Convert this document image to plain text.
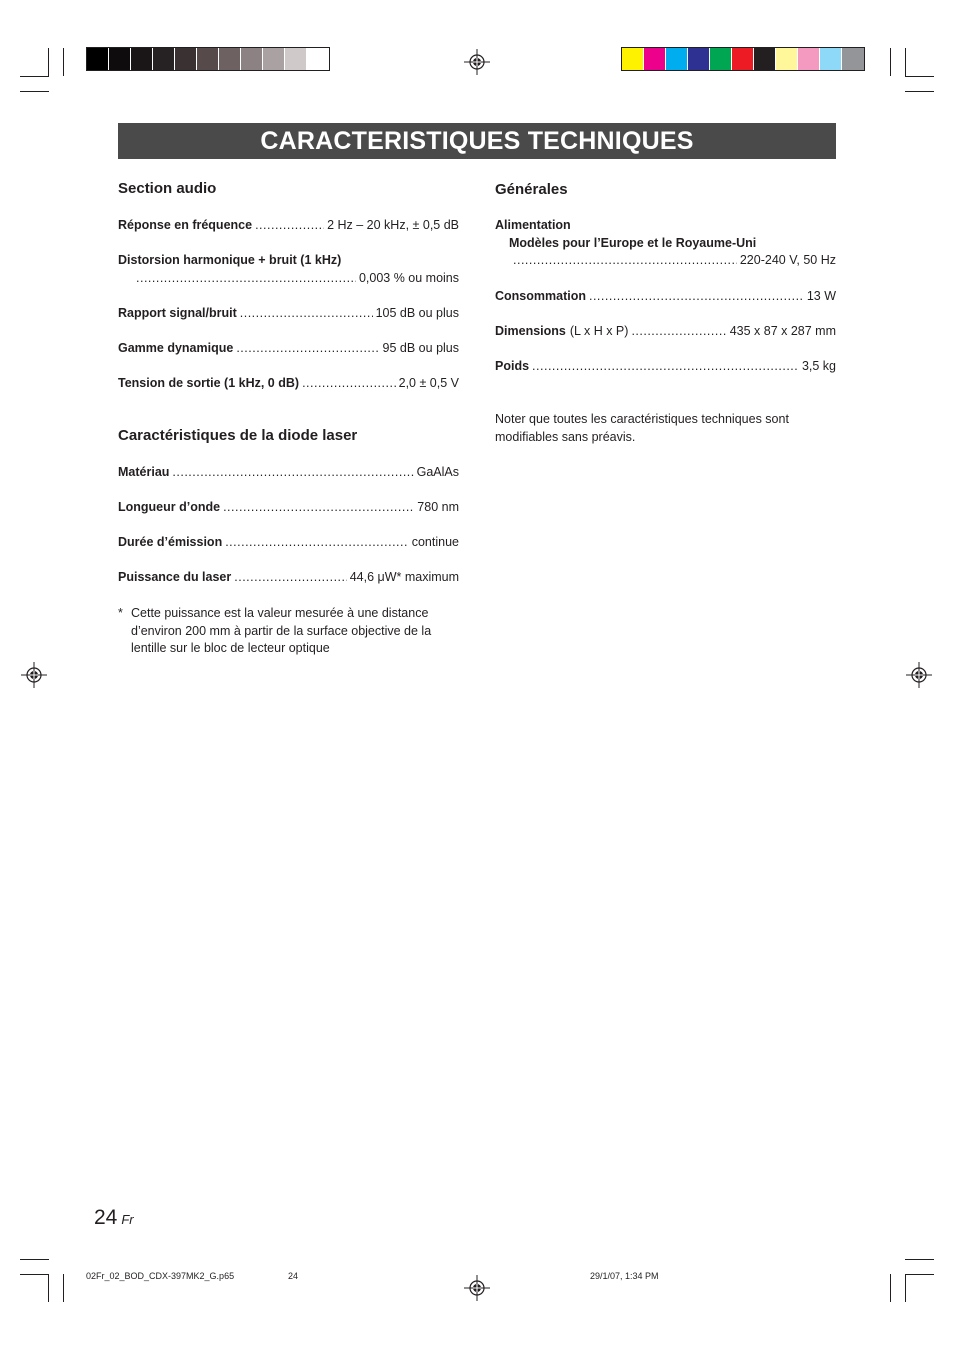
CARACTERISTIQUES TECHNIQUES
Section audio
Réponse en fréquence .....	2 Hz – 20 kHz, ± 0,5 dB
Distorsion harmonique + bruit (1 kHz)
.....
0,003 % ou moins
Rapport signal/bruit .....	105 dB ou plus
Gamme dynamique .....	95 dB ou plus
Tension de sortie (1 kHz, 0 dB) .....	2,0 ± 0,5 V
Caractéristiques de la diode laser
Matériau .....	GaAlAs
Longueur d’onde .....	780 nm
Durée d’émission .....	continue
Puissance du laser .....	44,6 μW* maximum
* Cette puissance est la valeur mesurée à une distance d’environ 200 mm à partir de la surface objective de la lentille sur le bloc de lecteur optique
Générales
Alimentation
Modèles pour l’Europe et le Royaume-Uni
.....
220-240 V, 50 Hz
Consommation .....	13 W
Dimensions (L x H x P) .....	435 x 87 x 287 mm
Poids .....	3,5 kg
Noter que toutes les caractéristiques techniques sont modifiables sans préavis.
24 Fr
02Fr_02_BOD_CDX-397MK2_G.p65	24	29/1/07, 1:34 PM
